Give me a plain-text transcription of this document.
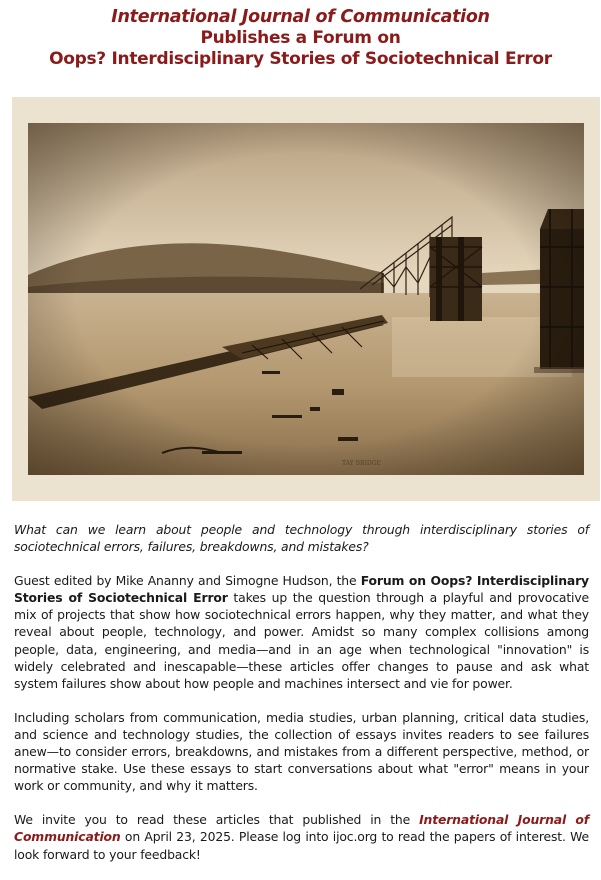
International Journal of Communication
Publishes a Forum on
Oops? Interdisciplinary Stories of Sociotechnical Error
TAY BRIDGE

What can we learn about people and technology through interdisciplinary stories of sociotechnical errors, failures, breakdowns, and mistakes?

Guest edited by Mike Ananny and Simogne Hudson, the Forum on Oops? Interdisciplinary Stories of Sociotechnical Error takes up the question through a playful and provocative mix of projects that show how sociotechnical errors happen, why they matter, and what they reveal about people, technology, and power. Amidst so many complex collisions among people, data, engineering, and media—and in an age when technological "innovation" is widely celebrated and inescapable—these articles offer changes to pause and ask what system failures show about how people and machines intersect and vie for power.

Including scholars from communication, media studies, urban planning, critical data studies, and science and technology studies, the collection of essays invites readers to see failures anew—to consider errors, breakdowns, and mistakes from a different perspective, method, or normative stake. Use these essays to start conversations about what "error" means in your work or community, and why it matters.

We invite you to read these articles that published in the International Journal of Communication on April 23, 2025. Please log into ijoc.org to read the papers of interest. We look forward to your feedback!
